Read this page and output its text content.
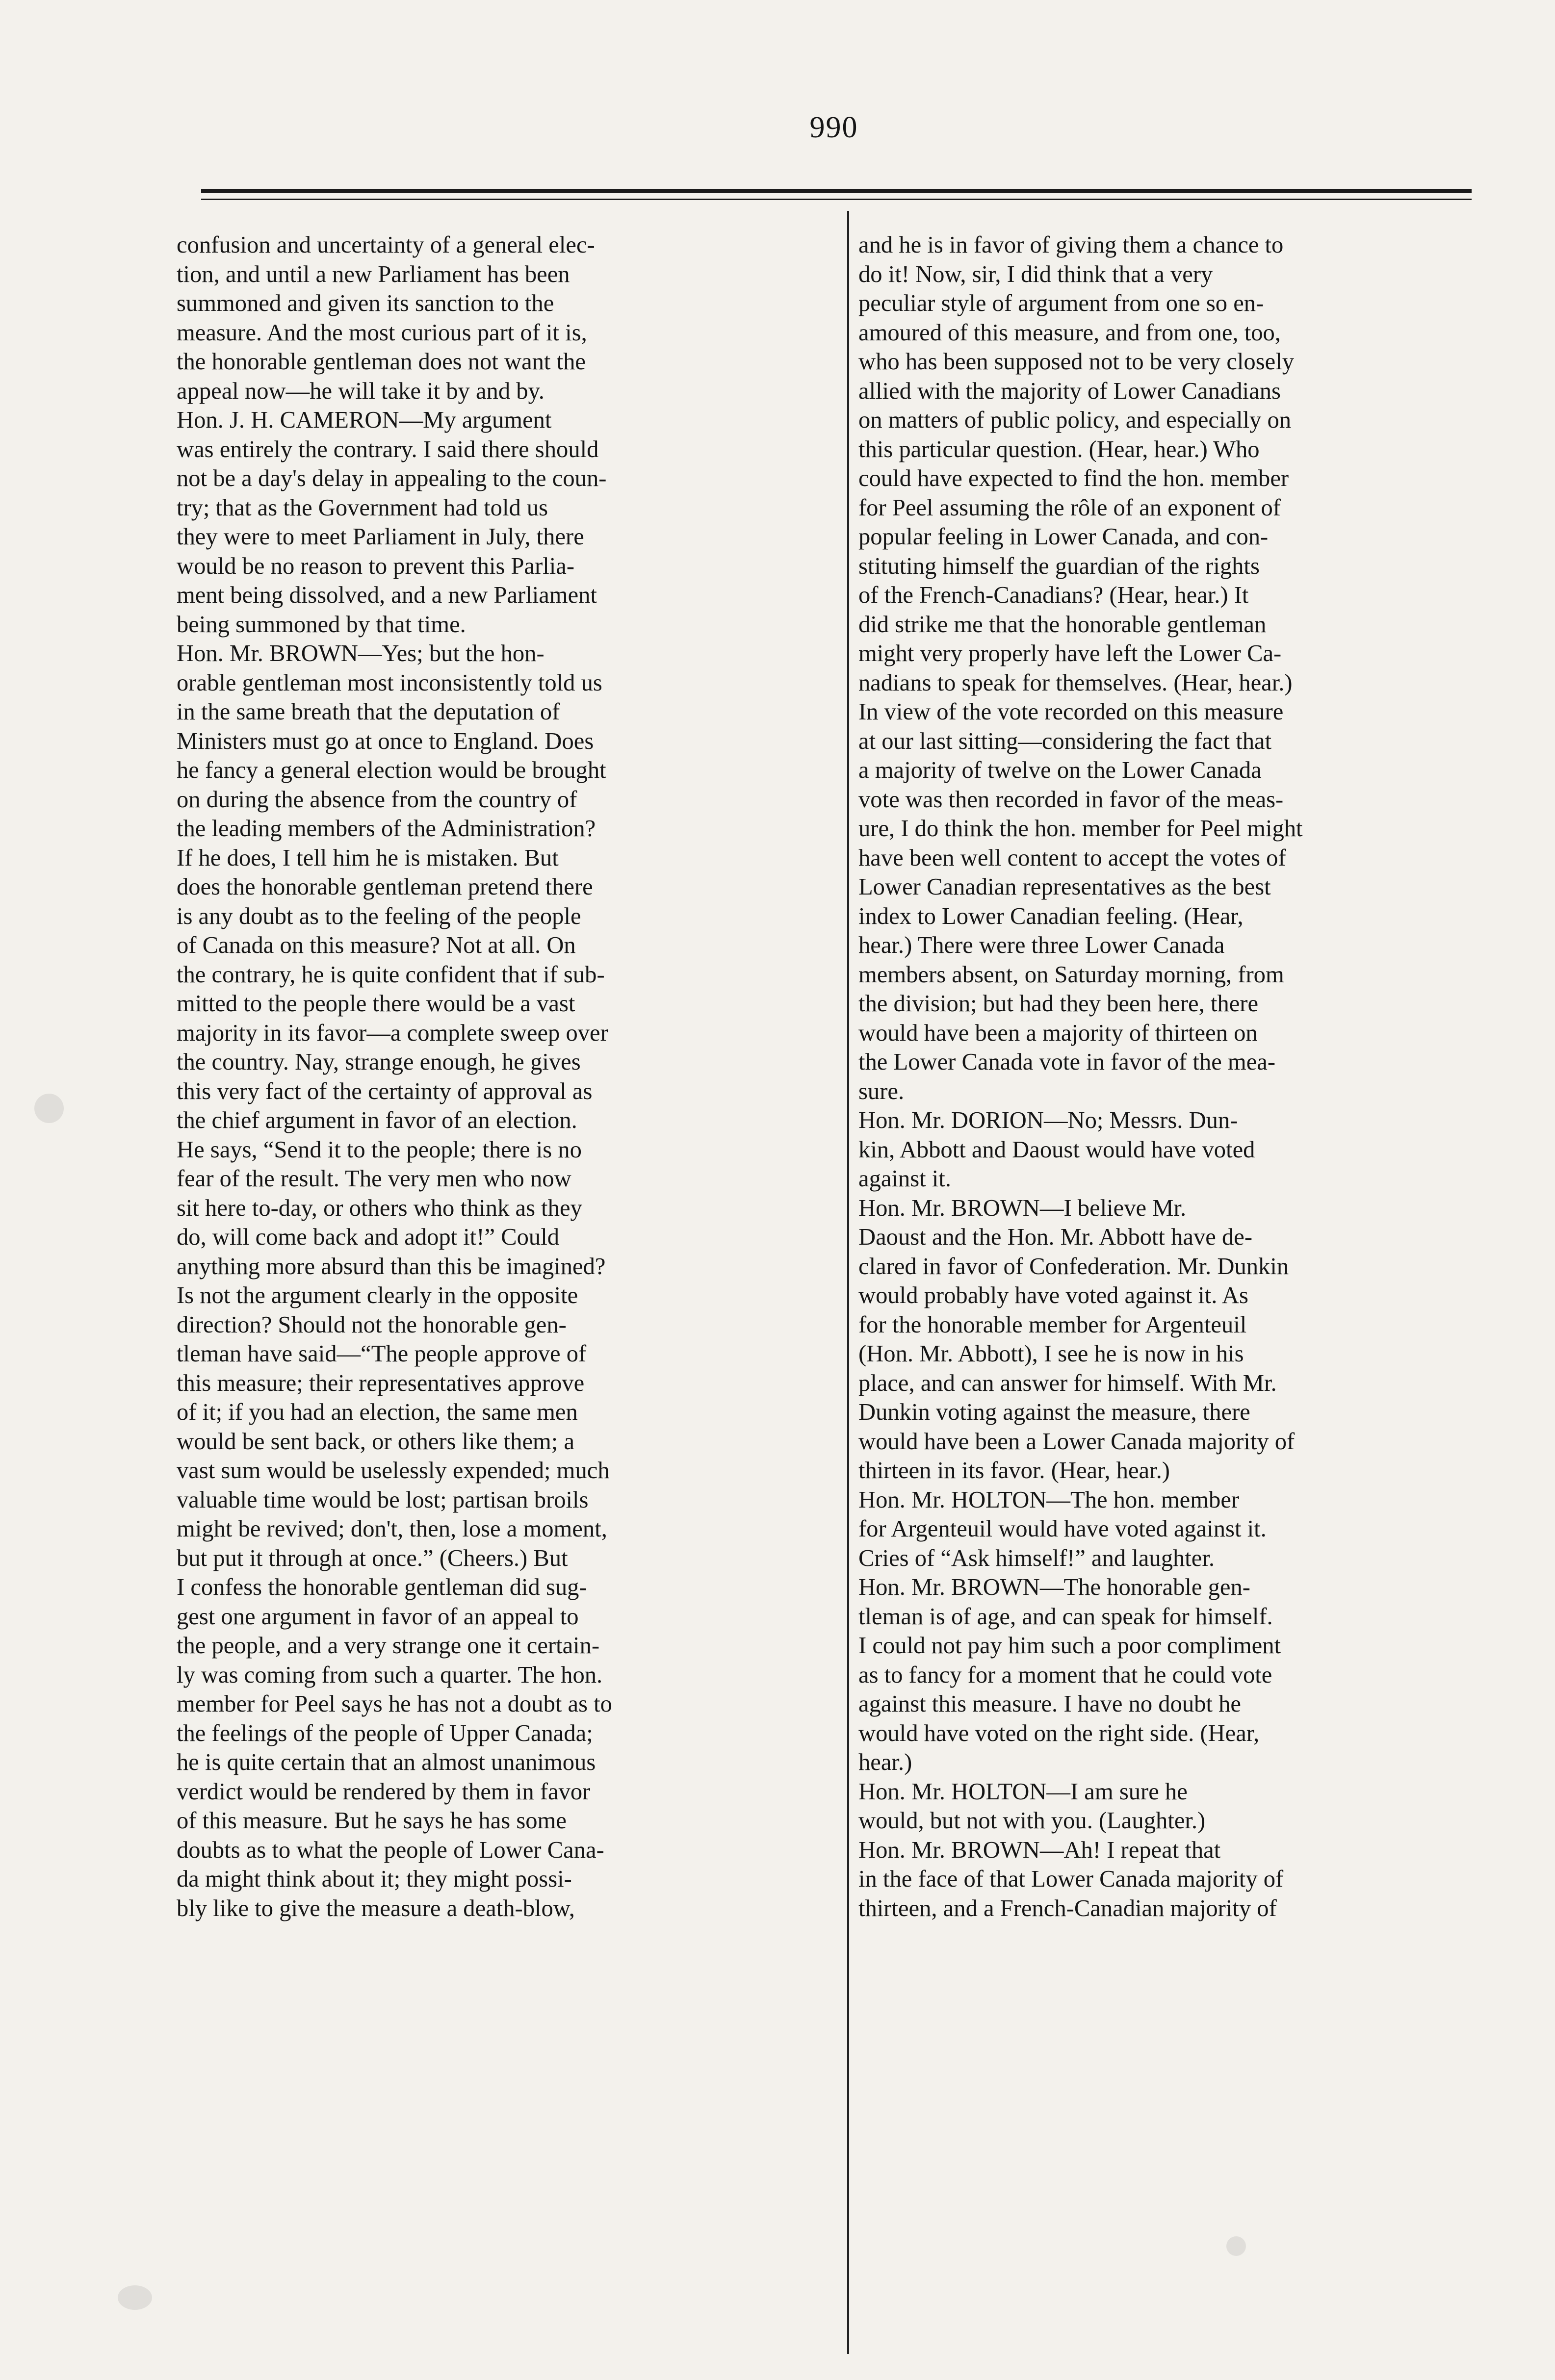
990
confusion and uncertainty of a general elec-
tion, and until a new Parliament has been
summoned and given its sanction to the
measure. And the most curious part of it is,
the honorable gentleman does not want the
appeal now—he will take it by and by.
Hon. J. H. CAMERON—My argument
was entirely the contrary. I said there should
not be a day's delay in appealing to the coun-
try; that as the Government had told us
they were to meet Parliament in July, there
would be no reason to prevent this Parlia-
ment being dissolved, and a new Parliament
being summoned by that time.
Hon. Mr. BROWN—Yes; but the hon-
orable gentleman most inconsistently told us
in the same breath that the deputation of
Ministers must go at once to England. Does
he fancy a general election would be brought
on during the absence from the country of
the leading members of the Administration?
If he does, I tell him he is mistaken. But
does the honorable gentleman pretend there
is any doubt as to the feeling of the people
of Canada on this measure? Not at all. On
the contrary, he is quite confident that if sub-
mitted to the people there would be a vast
majority in its favor—a complete sweep over
the country. Nay, strange enough, he gives
this very fact of the certainty of approval as
the chief argument in favor of an election.
He says, “Send it to the people; there is no
fear of the result. The very men who now
sit here to-day, or others who think as they
do, will come back and adopt it!” Could
anything more absurd than this be imagined?
Is not the argument clearly in the opposite
direction? Should not the honorable gen-
tleman have said—“The people approve of
this measure; their representatives approve
of it; if you had an election, the same men
would be sent back, or others like them; a
vast sum would be uselessly expended; much
valuable time would be lost; partisan broils
might be revived; don't, then, lose a moment,
but put it through at once.” (Cheers.) But
I confess the honorable gentleman did sug-
gest one argument in favor of an appeal to
the people, and a very strange one it certain-
ly was coming from such a quarter. The hon.
member for Peel says he has not a doubt as to
the feelings of the people of Upper Canada;
he is quite certain that an almost unanimous
verdict would be rendered by them in favor
of this measure. But he says he has some
doubts as to what the people of Lower Cana-
da might think about it; they might possi-
bly like to give the measure a death-blow,
and he is in favor of giving them a chance to
do it! Now, sir, I did think that a very
peculiar style of argument from one so en-
amoured of this measure, and from one, too,
who has been supposed not to be very closely
allied with the majority of Lower Canadians
on matters of public policy, and especially on
this particular question. (Hear, hear.) Who
could have expected to find the hon. member
for Peel assuming the rôle of an exponent of
popular feeling in Lower Canada, and con-
stituting himself the guardian of the rights
of the French-Canadians? (Hear, hear.) It
did strike me that the honorable gentleman
might very properly have left the Lower Ca-
nadians to speak for themselves. (Hear, hear.)
In view of the vote recorded on this measure
at our last sitting—considering the fact that
a majority of twelve on the Lower Canada
vote was then recorded in favor of the meas-
ure, I do think the hon. member for Peel might
have been well content to accept the votes of
Lower Canadian representatives as the best
index to Lower Canadian feeling. (Hear,
hear.) There were three Lower Canada
members absent, on Saturday morning, from
the division; but had they been here, there
would have been a majority of thirteen on
the Lower Canada vote in favor of the mea-
sure.
Hon. Mr. DORION—No; Messrs. Dun-
kin, Abbott and Daoust would have voted
against it.
Hon. Mr. BROWN—I believe Mr.
Daoust and the Hon. Mr. Abbott have de-
clared in favor of Confederation. Mr. Dunkin
would probably have voted against it. As
for the honorable member for Argenteuil
(Hon. Mr. Abbott), I see he is now in his
place, and can answer for himself. With Mr.
Dunkin voting against the measure, there
would have been a Lower Canada majority of
thirteen in its favor. (Hear, hear.)
Hon. Mr. HOLTON—The hon. member
for Argenteuil would have voted against it.
Cries of “Ask himself!” and laughter.
Hon. Mr. BROWN—The honorable gen-
tleman is of age, and can speak for himself.
I could not pay him such a poor compliment
as to fancy for a moment that he could vote
against this measure. I have no doubt he
would have voted on the right side. (Hear,
hear.)
Hon. Mr. HOLTON—I am sure he
would, but not with you. (Laughter.)
Hon. Mr. BROWN—Ah! I repeat that
in the face of that Lower Canada majority of
thirteen, and a French-Canadian majority of
